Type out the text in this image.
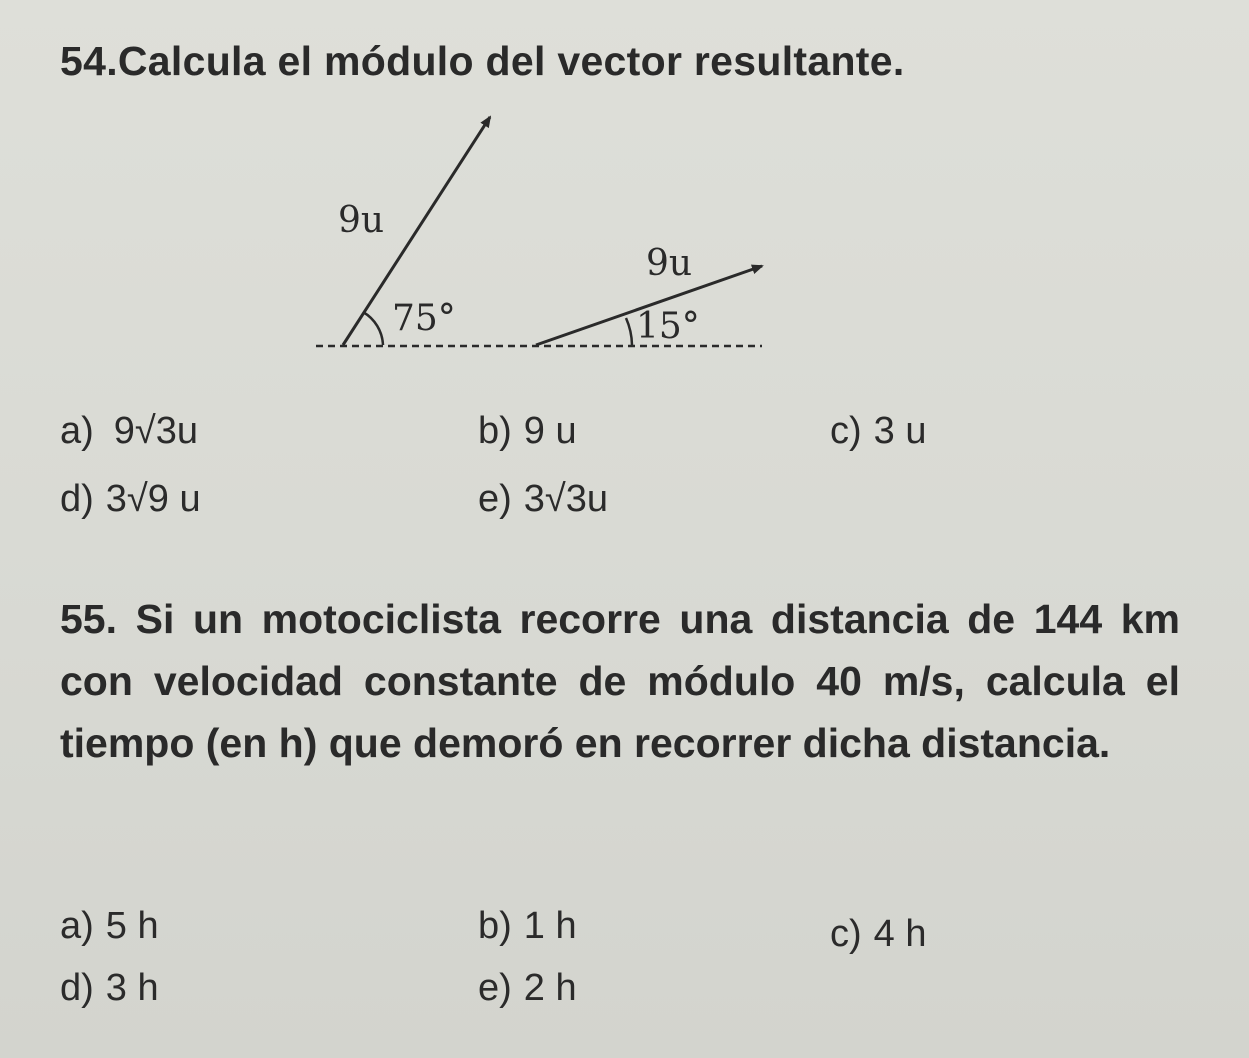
54.Calcula el módulo del vector resultante.
9u
9u
75°	15°
a) 9√3u	b) 9 u	c) 3 u
d) 3√9 u	e) 3√3u
55. Si un motociclista recorre una distancia de 144 km con velocidad constante de módulo 40 m/s, calcula el tiempo (en h) que demoró en recorrer dicha distancia.
a) 5 h	b) 1 h	c) 4 h
d) 3 h	e) 2 h
